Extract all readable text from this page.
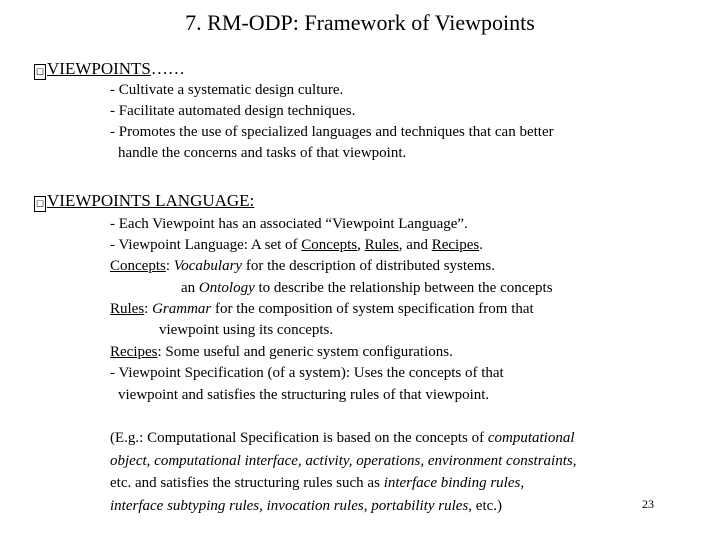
7. RM-ODP: Framework of Viewpoints
☐ VIEWPOINTS……
- Cultivate a systematic design culture.
- Facilitate automated design techniques.
- Promotes the use of specialized languages and techniques that can better
handle the concerns and tasks of that viewpoint.
☐ VIEWPOINTS LANGUAGE:
- Each Viewpoint has an associated “Viewpoint Language”.
- Viewpoint Language: A set of Concepts, Rules, and Recipes.
Concepts: Vocabulary for the description of distributed systems.
an Ontology to describe the relationship between the concepts
Rules: Grammar for the composition of system specification from that
viewpoint using its concepts.
Recipes: Some useful and generic system configurations.
- Viewpoint Specification (of a system): Uses the concepts of that
viewpoint and satisfies the structuring rules of that viewpoint.
(E.g.: Computational Specification is based on the concepts of computational
object, computational interface, activity, operations, environment constraints,
etc. and satisfies the structuring rules such as interface binding rules,
interface subtyping rules, invocation rules, portability rules, etc.)	23
